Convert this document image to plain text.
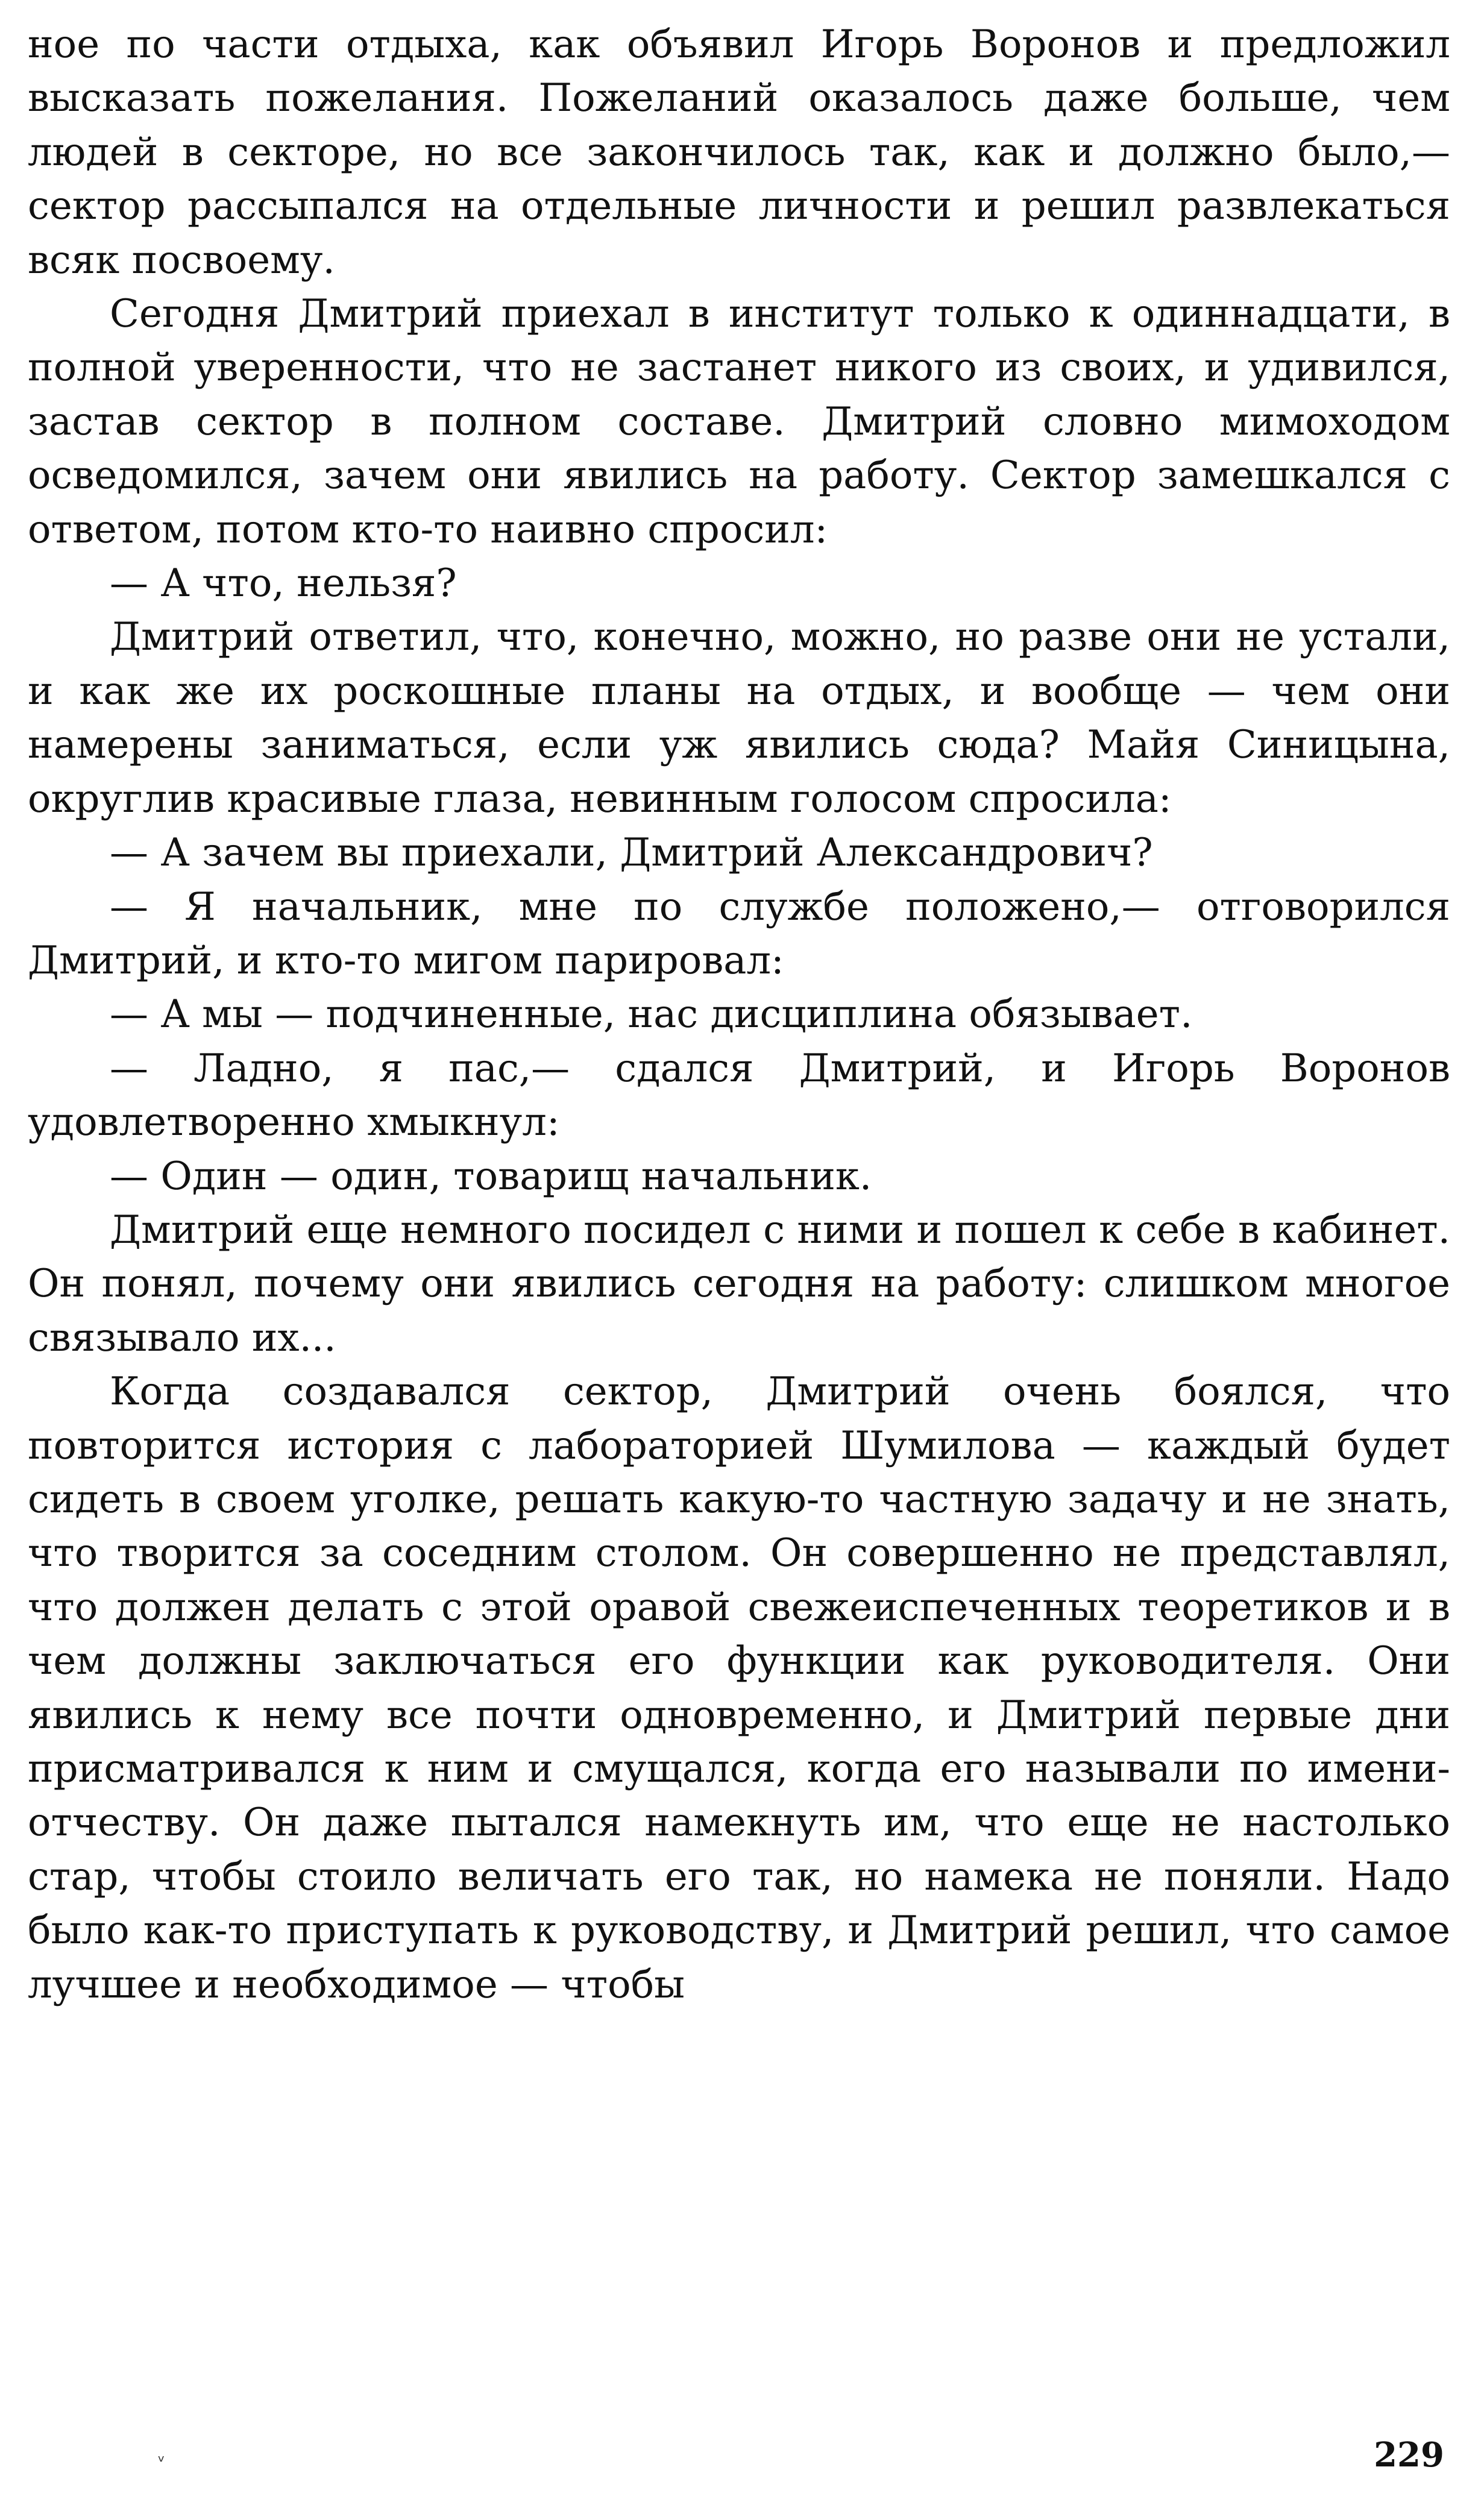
ное по части отдыха, как объявил Игорь Воронов и предложил высказать пожелания. Пожеланий оказалось даже больше, чем людей в секторе, но все закончилось так, как и должно было,— сектор рассыпался на отдельные личности и решил развлекаться всяк посвоему.

Сегодня Дмитрий приехал в институт только к одиннадцати, в полной уверенности, что не застанет никого из своих, и удивился, застав сектор в полном составе. Дмитрий словно мимоходом осведомился, зачем они явились на работу. Сектор замешкался с ответом, потом кто-то наивно спросил:

— А что, нельзя?

Дмитрий ответил, что, конечно, можно, но разве они не устали, и как же их роскошные планы на отдых, и вообще — чем они намерены заниматься, если уж явились сюда? Майя Синицына, округлив красивые глаза, невинным голосом спросила:

— А зачем вы приехали, Дмитрий Александрович?

— Я начальник, мне по службе положено,— отговорился Дмитрий, и кто-то мигом парировал:

— А мы — подчиненные, нас дисциплина обязывает.

— Ладно, я пас,— сдался Дмитрий, и Игорь Воронов удовлетворенно хмыкнул:

— Один — один, товарищ начальник.

Дмитрий еще немного посидел с ними и пошел к себе в кабинет. Он понял, почему они явились сегодня на работу: слишком многое связывало их...

Когда создавался сектор, Дмитрий очень боялся, что повторится история с лабораторией Шумилова — каждый будет сидеть в своем уголке, решать какую-то частную задачу и не знать, что творится за соседним столом. Он совершенно не представлял, что должен делать с этой оравой свежеиспеченных теоретиков и в чем должны заключаться его функции как руководителя. Они явились к нему все почти одновременно, и Дмитрий первые дни присматривался к ним и смущался, когда его называли по имени-отчеству. Он даже пытался намекнуть им, что еще не настолько стар, чтобы стоило величать его так, но намека не поняли. Надо было как-то приступать к руководству, и Дмитрий решил, что самое лучшее и необходимое — чтобы

ᵥ	229
